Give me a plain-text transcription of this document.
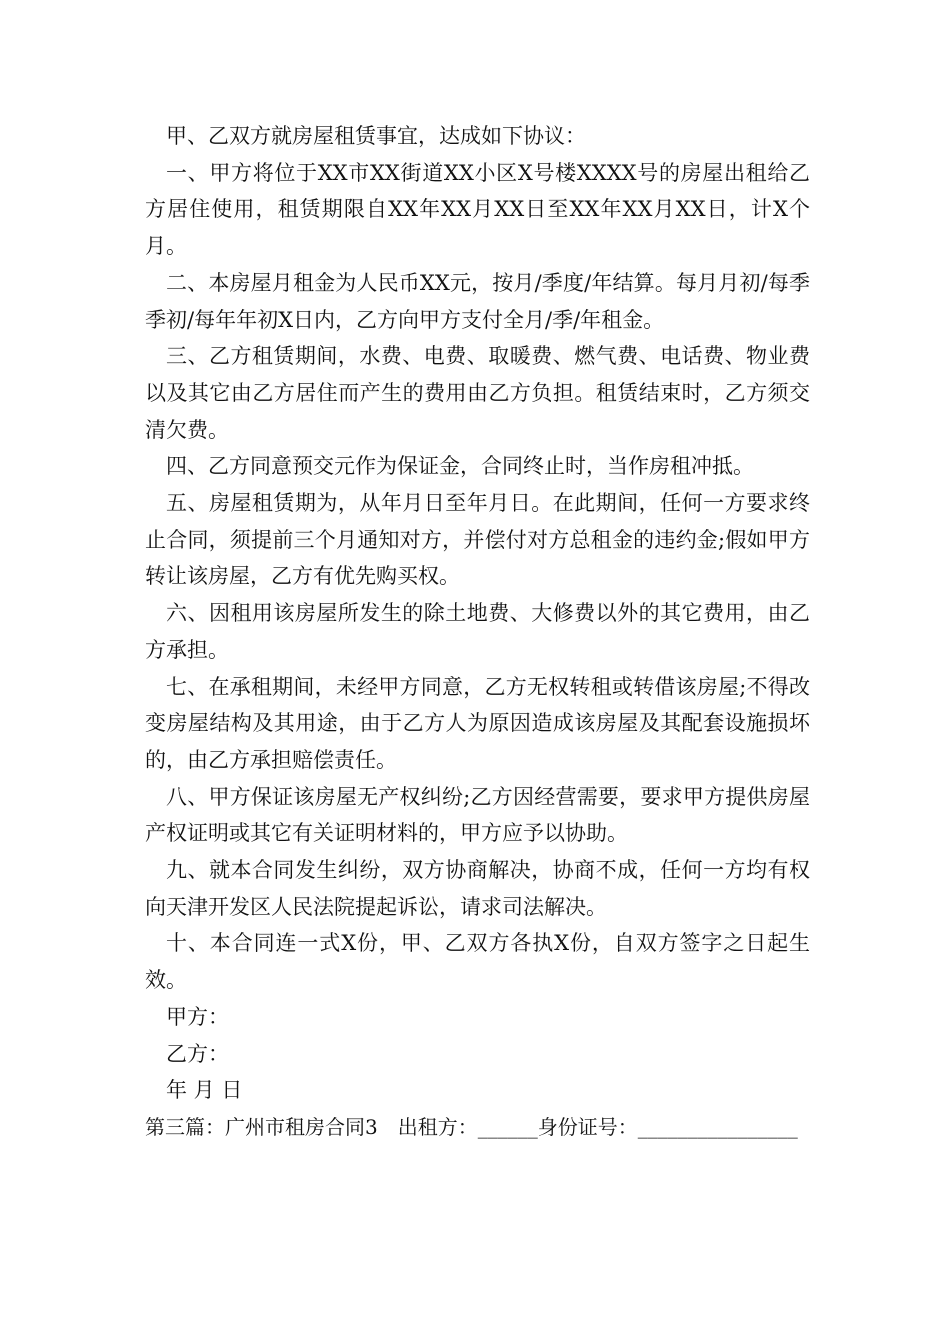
甲、乙双方就房屋租赁事宜，达成如下协议：

一、甲方将位于XX市XX街道XX小区X号楼XXXX号的房屋出租给乙方居住使用，租赁期限自XX年XX月XX日至XX年XX月XX日，计X个月。

二、本房屋月租金为人民币XX元，按月/季度/年结算。每月月初/每季季初/每年年初X日内，乙方向甲方支付全月/季/年租金。

三、乙方租赁期间，水费、电费、取暖费、燃气费、电话费、物业费以及其它由乙方居住而产生的费用由乙方负担。租赁结束时，乙方须交清欠费。

四、乙方同意预交元作为保证金，合同终止时，当作房租冲抵。

五、房屋租赁期为，从年月日至年月日。在此期间，任何一方要求终止合同，须提前三个月通知对方，并偿付对方总租金的违约金;假如甲方转让该房屋，乙方有优先购买权。

六、因租用该房屋所发生的除土地费、大修费以外的其它费用，由乙方承担。

七、在承租期间，未经甲方同意，乙方无权转租或转借该房屋;不得改变房屋结构及其用途，由于乙方人为原因造成该房屋及其配套设施损坏的，由乙方承担赔偿责任。

八、甲方保证该房屋无产权纠纷;乙方因经营需要，要求甲方提供房屋产权证明或其它有关证明材料的，甲方应予以协助。

九、就本合同发生纠纷，双方协商解决，协商不成，任何一方均有权向天津开发区人民法院提起诉讼，请求司法解决。

十、本合同连一式X份，甲、乙双方各执X份，自双方签字之日起生效。

甲方：

乙方：

年 月 日

第三篇：广州市租房合同3　出租方：______身份证号：________________
